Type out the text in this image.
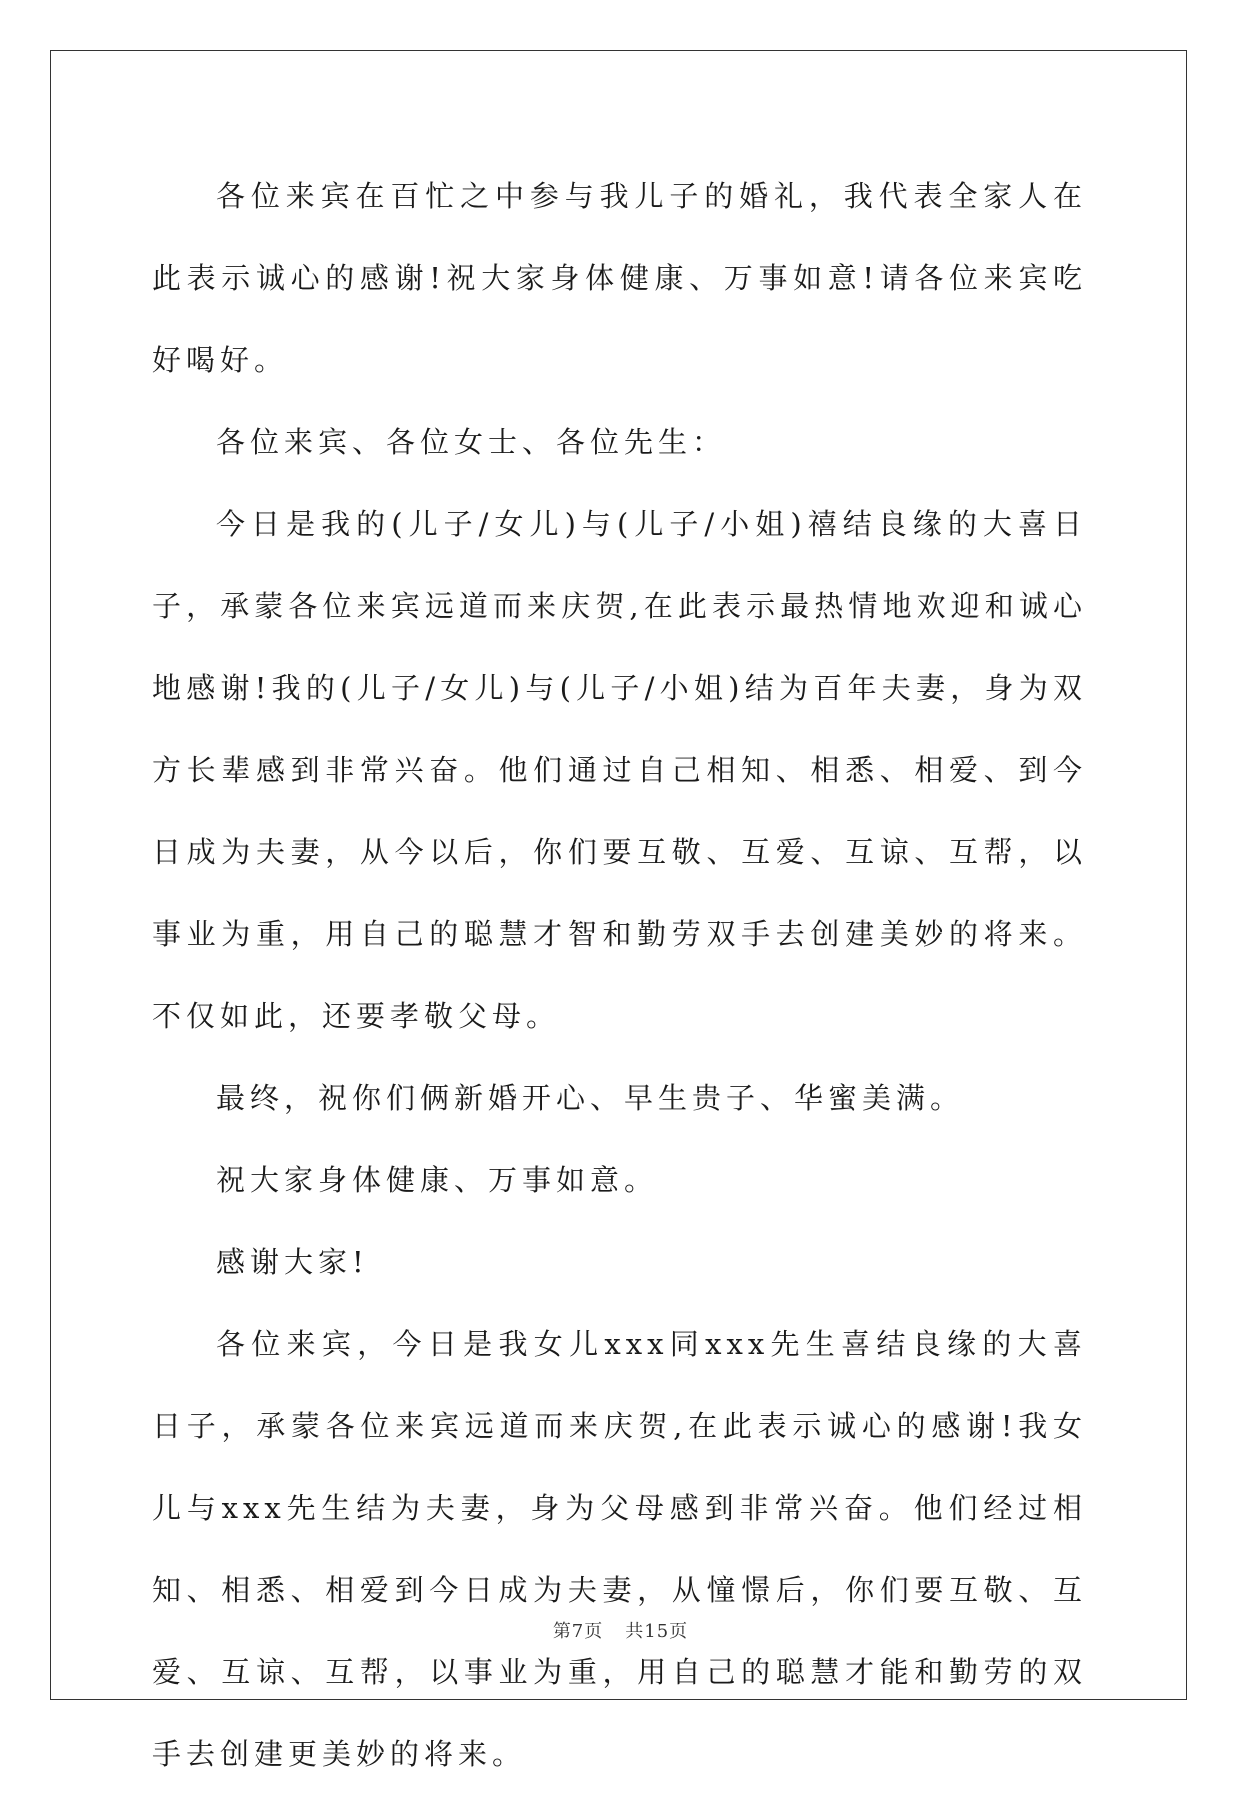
各位来宾在百忙之中参与我儿子的婚礼，我代表全家人在此表示诚心的感谢!祝大家身体健康、万事如意!请各位来宾吃好喝好。

各位来宾、各位女士、各位先生：

今日是我的(儿子/女儿)与(儿子/小姐)禧结良缘的大喜日子，承蒙各位来宾远道而来庆贺,在此表示最热情地欢迎和诚心地感谢!我的(儿子/女儿)与(儿子/小姐)结为百年夫妻，身为双方长辈感到非常兴奋。他们通过自己相知、相悉、相爱、到今日成为夫妻，从今以后，你们要互敬、互爱、互谅、互帮，以事业为重，用自己的聪慧才智和勤劳双手去创建美妙的将来。不仅如此，还要孝敬父母。

最终，祝你们俩新婚开心、早生贵子、华蜜美满。

祝大家身体健康、万事如意。

感谢大家!

各位来宾，今日是我女儿xxx同xxx先生喜结良缘的大喜日子，承蒙各位来宾远道而来庆贺,在此表示诚心的感谢!我女儿与xxx先生结为夫妻，身为父母感到非常兴奋。他们经过相知、相悉、相爱到今日成为夫妻，从憧憬后，你们要互敬、互爱、互谅、互帮，以事业为重，用自己的聪慧才能和勤劳的双手去创建更美妙的将来。

第7页 共15页
